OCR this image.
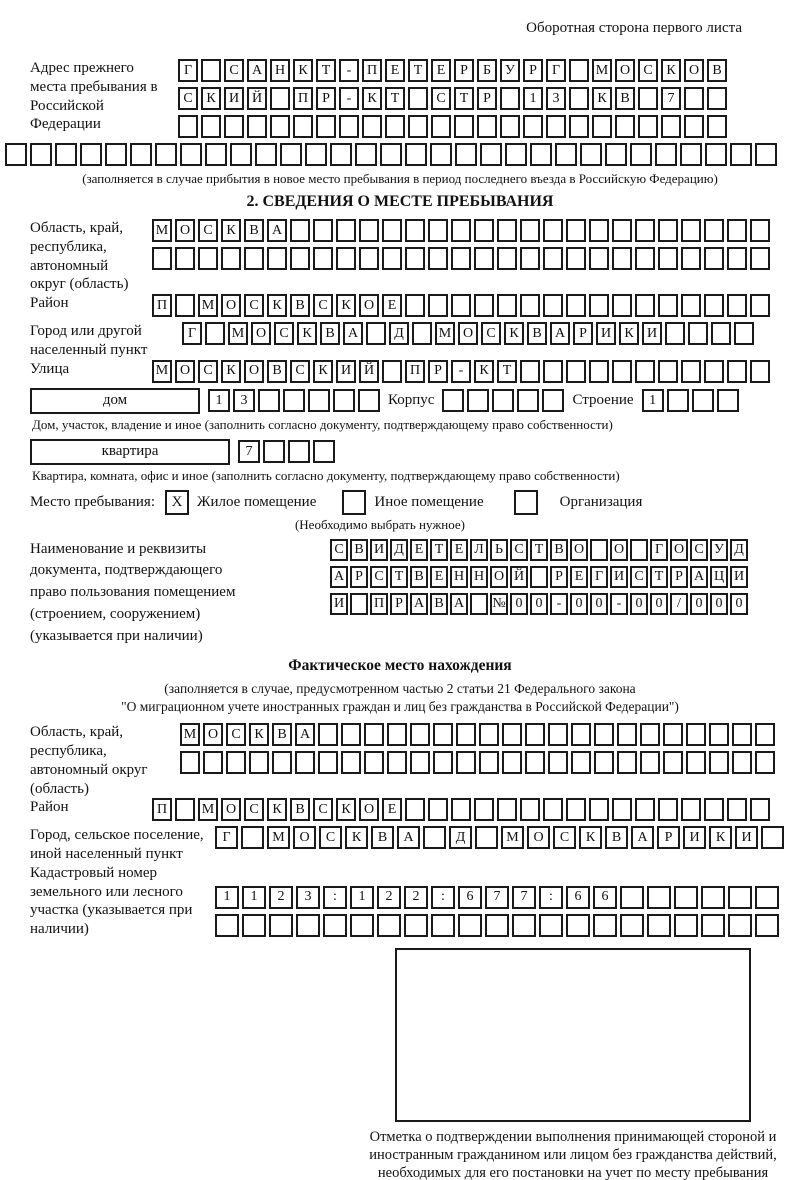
Оборотная сторона первого листа
Адрес прежнего места пребывания в Российской Федерации
Г	С А Н К	Т	-	П Е	Т	Е	Р	Б	У	Р	Г	М О С К О В
С К И Й	П	Р	-	К	Т	С	Т	Р	1	3	К В	7
(заполняется в случае прибытия в новое место пребывания в период последнего въезда в Российскую Федерацию)
2. СВЕДЕНИЯ О МЕСТЕ ПРЕБЫВАНИЯ
Область, край, республика, автономный округ (область)
М О С К В А
Район	П	М О С К В С К О Е
Город или другой населенный пункт
Г	М О С К В А	Д	М О С К В А	Р	И К И
Улица	М О С К О В С К И Й	П	Р	-	К	Т
дом	1	3	Корпус	Строение	1
Дом, участок, владение и иное (заполнить согласно документу, подтверждающему право собственности)
квартира	7
Квартира, комната, офис и иное (заполнить согласно документу, подтверждающему право собственности)
Место пребывания:	X Жилое помещение	Иное помещение	Организация
(Необходимо выбрать нужное)
Наименование и реквизиты документа, подтверждающего право пользования помещением (строением, сооружением) (указывается при наличии)
С В И Д Е Т Е Л Ь С Т В О О	Г О С У Д
А Р С Т В Е Н Н О Й	Р Е Г И С Т Р А Ц И
И П Р А В А № 0 0	-	0 0	-	0 0	/	0 0 0
Фактическое место нахождения
(заполняется в случае, предусмотренном частью 2 статьи 21 Федерального закона
"О миграционном учете иностранных граждан и лиц без гражданства в Российской Федерации")
Область, край, республика, автономный округ (область)
М О С К В А
Район	П	М О С К В С К О Е
Город, сельское поселение, иной населенный пункт
Г	М	О	С	К	В	А	Д	М	О	С	К	В	А	Р	И	К	И
Кадастровый номер земельного или лесного участка (указывается при наличии)
1	1	2	3	:	1	2	2	:	6	7	7	:	6	6
Отметка о подтверждении выполнения принимающей стороной и иностранным гражданином или лицом без гражданства действий, необходимых для его постановки на учет по месту пребывания
